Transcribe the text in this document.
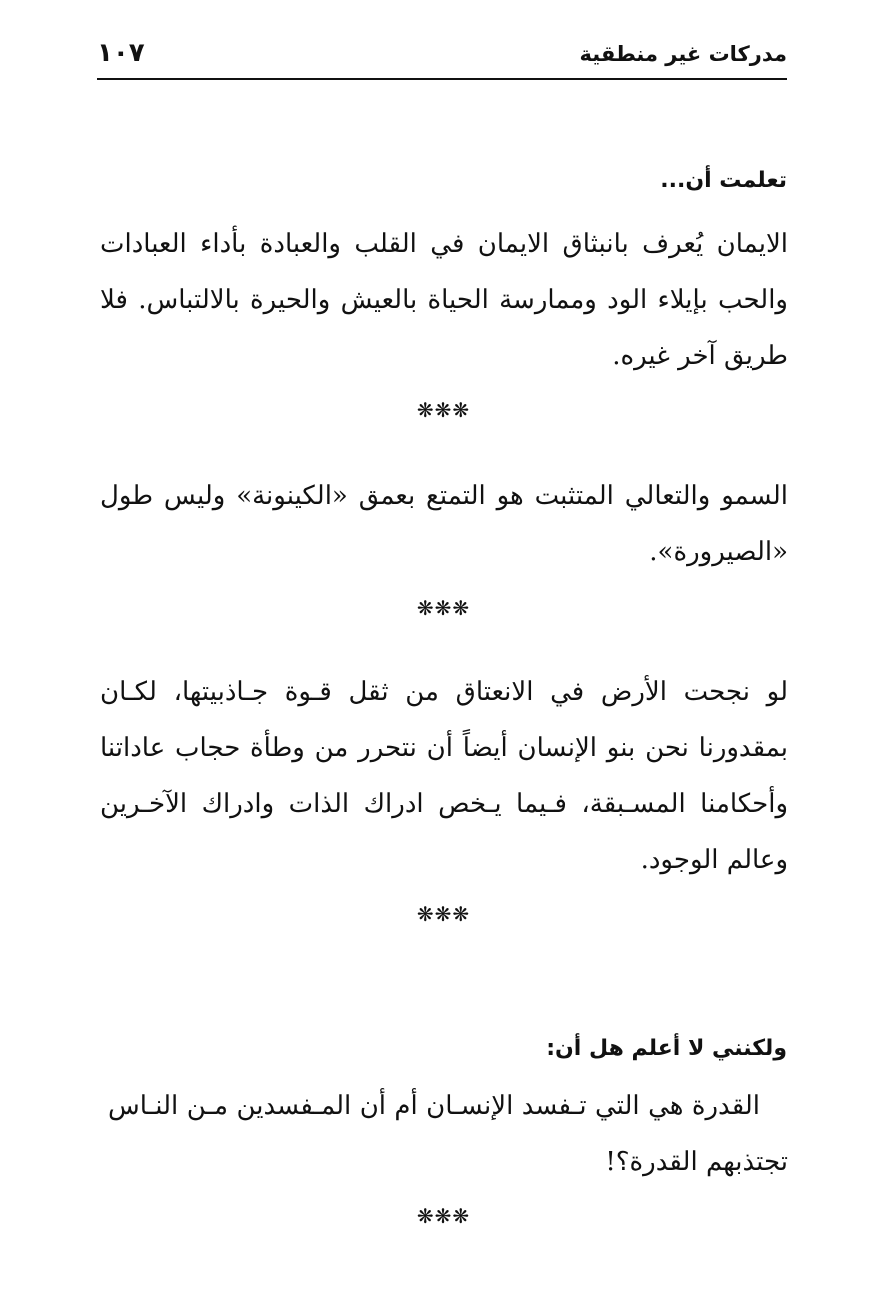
مدركات غير منطقية
١٠٧
تعلمت أن...
الايمان يُعرف بانبثاق الايمان في القلب والعبادة بأداء العبادات
والحب بإيلاء الود وممارسة الحياة بالعيش والحيرة بالالتباس. فلا
طريق آخر غيره.
❋❋❋
السمو والتعالي المتثبت هو التمتع بعمق «الكينونة» وليس طول
«الصيرورة».
❋❋❋
لو نجحت الأرض في الانعتاق من ثقل قـوة جـاذبيتها، لكـان
بمقدورنا نحن بنو الإنسان أيضاً أن نتحرر من وطأة حجاب عاداتنا
وأحكامنا المسـبقة، فـيما يـخص ادراك الذات وادراك الآخـرين
وعالم الوجود.
❋❋❋
ولكنني لا أعلم هل أن:
القدرة هي التي تـفسد الإنسـان أم أن المـفسدين مـن النـاس
تجتذبهم القدرة؟!
❋❋❋
